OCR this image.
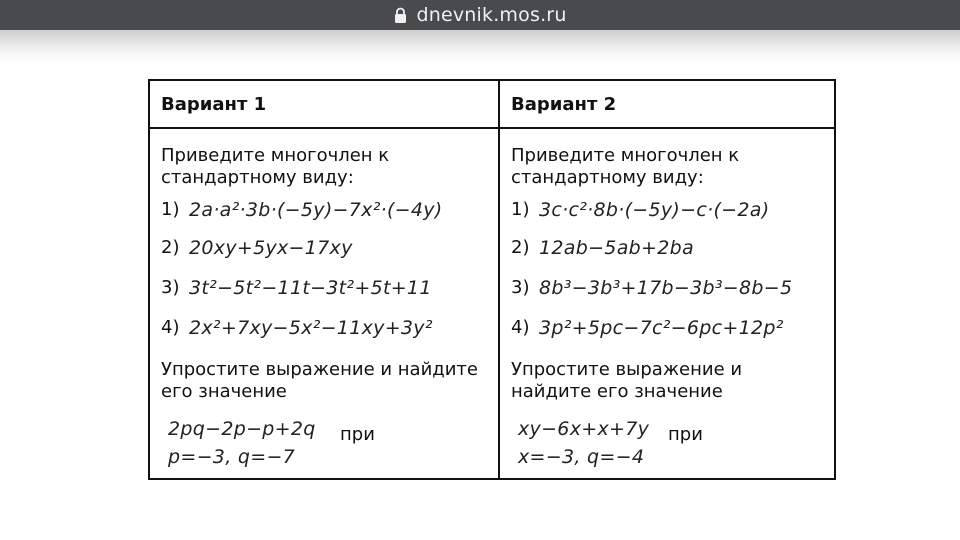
dnevnik.mos.ru
Вариант 1	Вариант 2
Приведите многочлен к стандартному виду:
1) 2a·a²·3b·(−5y)−7x²·(−4y)
2) 20xy+5yx−17xy
3) 3t²−5t²−11t−3t²+5t+11
4) 2x²+7xy−5x²−11xy+3y²
Упростите выражение и найдите его значение
2pq−2p−p+2q при
p=−3, q=−7
Приведите многочлен к стандартному виду:
1) 3c·c²·8b·(−5y)−c·(−2a)
2) 12ab−5ab+2ba
3) 8b³−3b³+17b−3b³−8b−5
4) 3p²+5pc−7c²−6pc+12p²
Упростите выражение и найдите его значение
xy−6x+x+7y при
x=−3, q=−4
